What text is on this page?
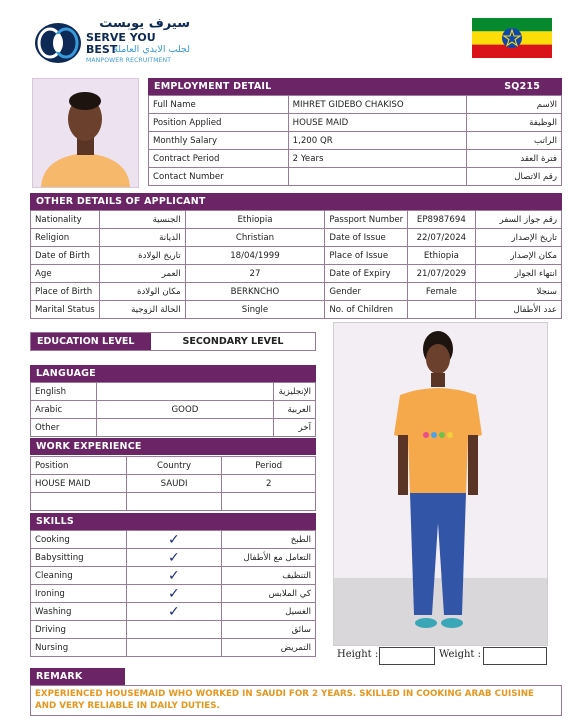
سيرف يوبست
SERVE YOU BEST
لجلب الايدي العاملة
MANPOWER RECRUITMENT
EMPLOYMENT DETAIL	SQ215
Full Name	MIHRET GIDEBO CHAKISO	الاسم
Position Applied	HOUSE MAID	الوظيفة
Monthly Salary	1,200 QR	الراتب
Contract Period	2 Years	فترة العقد
Contact Number		رقم الاتصال
OTHER DETAILS OF APPLICANT
Nationality	الجنسية	Ethiopia	Passport Number	EP8987694	رقم جواز السفر
Religion	الديانة	Christian	Date of Issue	22/07/2024	تاريخ الإصدار
Date of Birth	تاريخ الولادة	18/04/1999	Place of Issue	Ethiopia	مكان الإصدار
Age	العمر	27	Date of Expiry	21/07/2029	انتهاء الجواز
Place of Birth	مكان الولادة	BERKNCHO	Gender	Female	سنجلا
Marital Status	الحالة الزوجية	Single	No. of Children		عدد الأطفال
EDUCATION LEVEL	SECONDARY LEVEL
LANGUAGE
English		الإنجليزية
Arabic	GOOD	العربية
Other		آخر
WORK EXPERIENCE
Position	Country	Period
HOUSE MAID	SAUDI	2

SKILLS
Cooking	✓	الطبخ
Babysitting	✓	التعامل مع الأطفال
Cleaning	✓	التنظيف
Ironing	✓	كي الملابس
Washing	✓	الغسيل
Driving		سائق
Nursing		التمريض
Height :	Weight :
REMARK
EXPERIENCED HOUSEMAID WHO WORKED IN SAUDI FOR 2 YEARS. SKILLED IN COOKING ARAB CUISINE AND VERY RELIABLE IN DAILY DUTIES.
